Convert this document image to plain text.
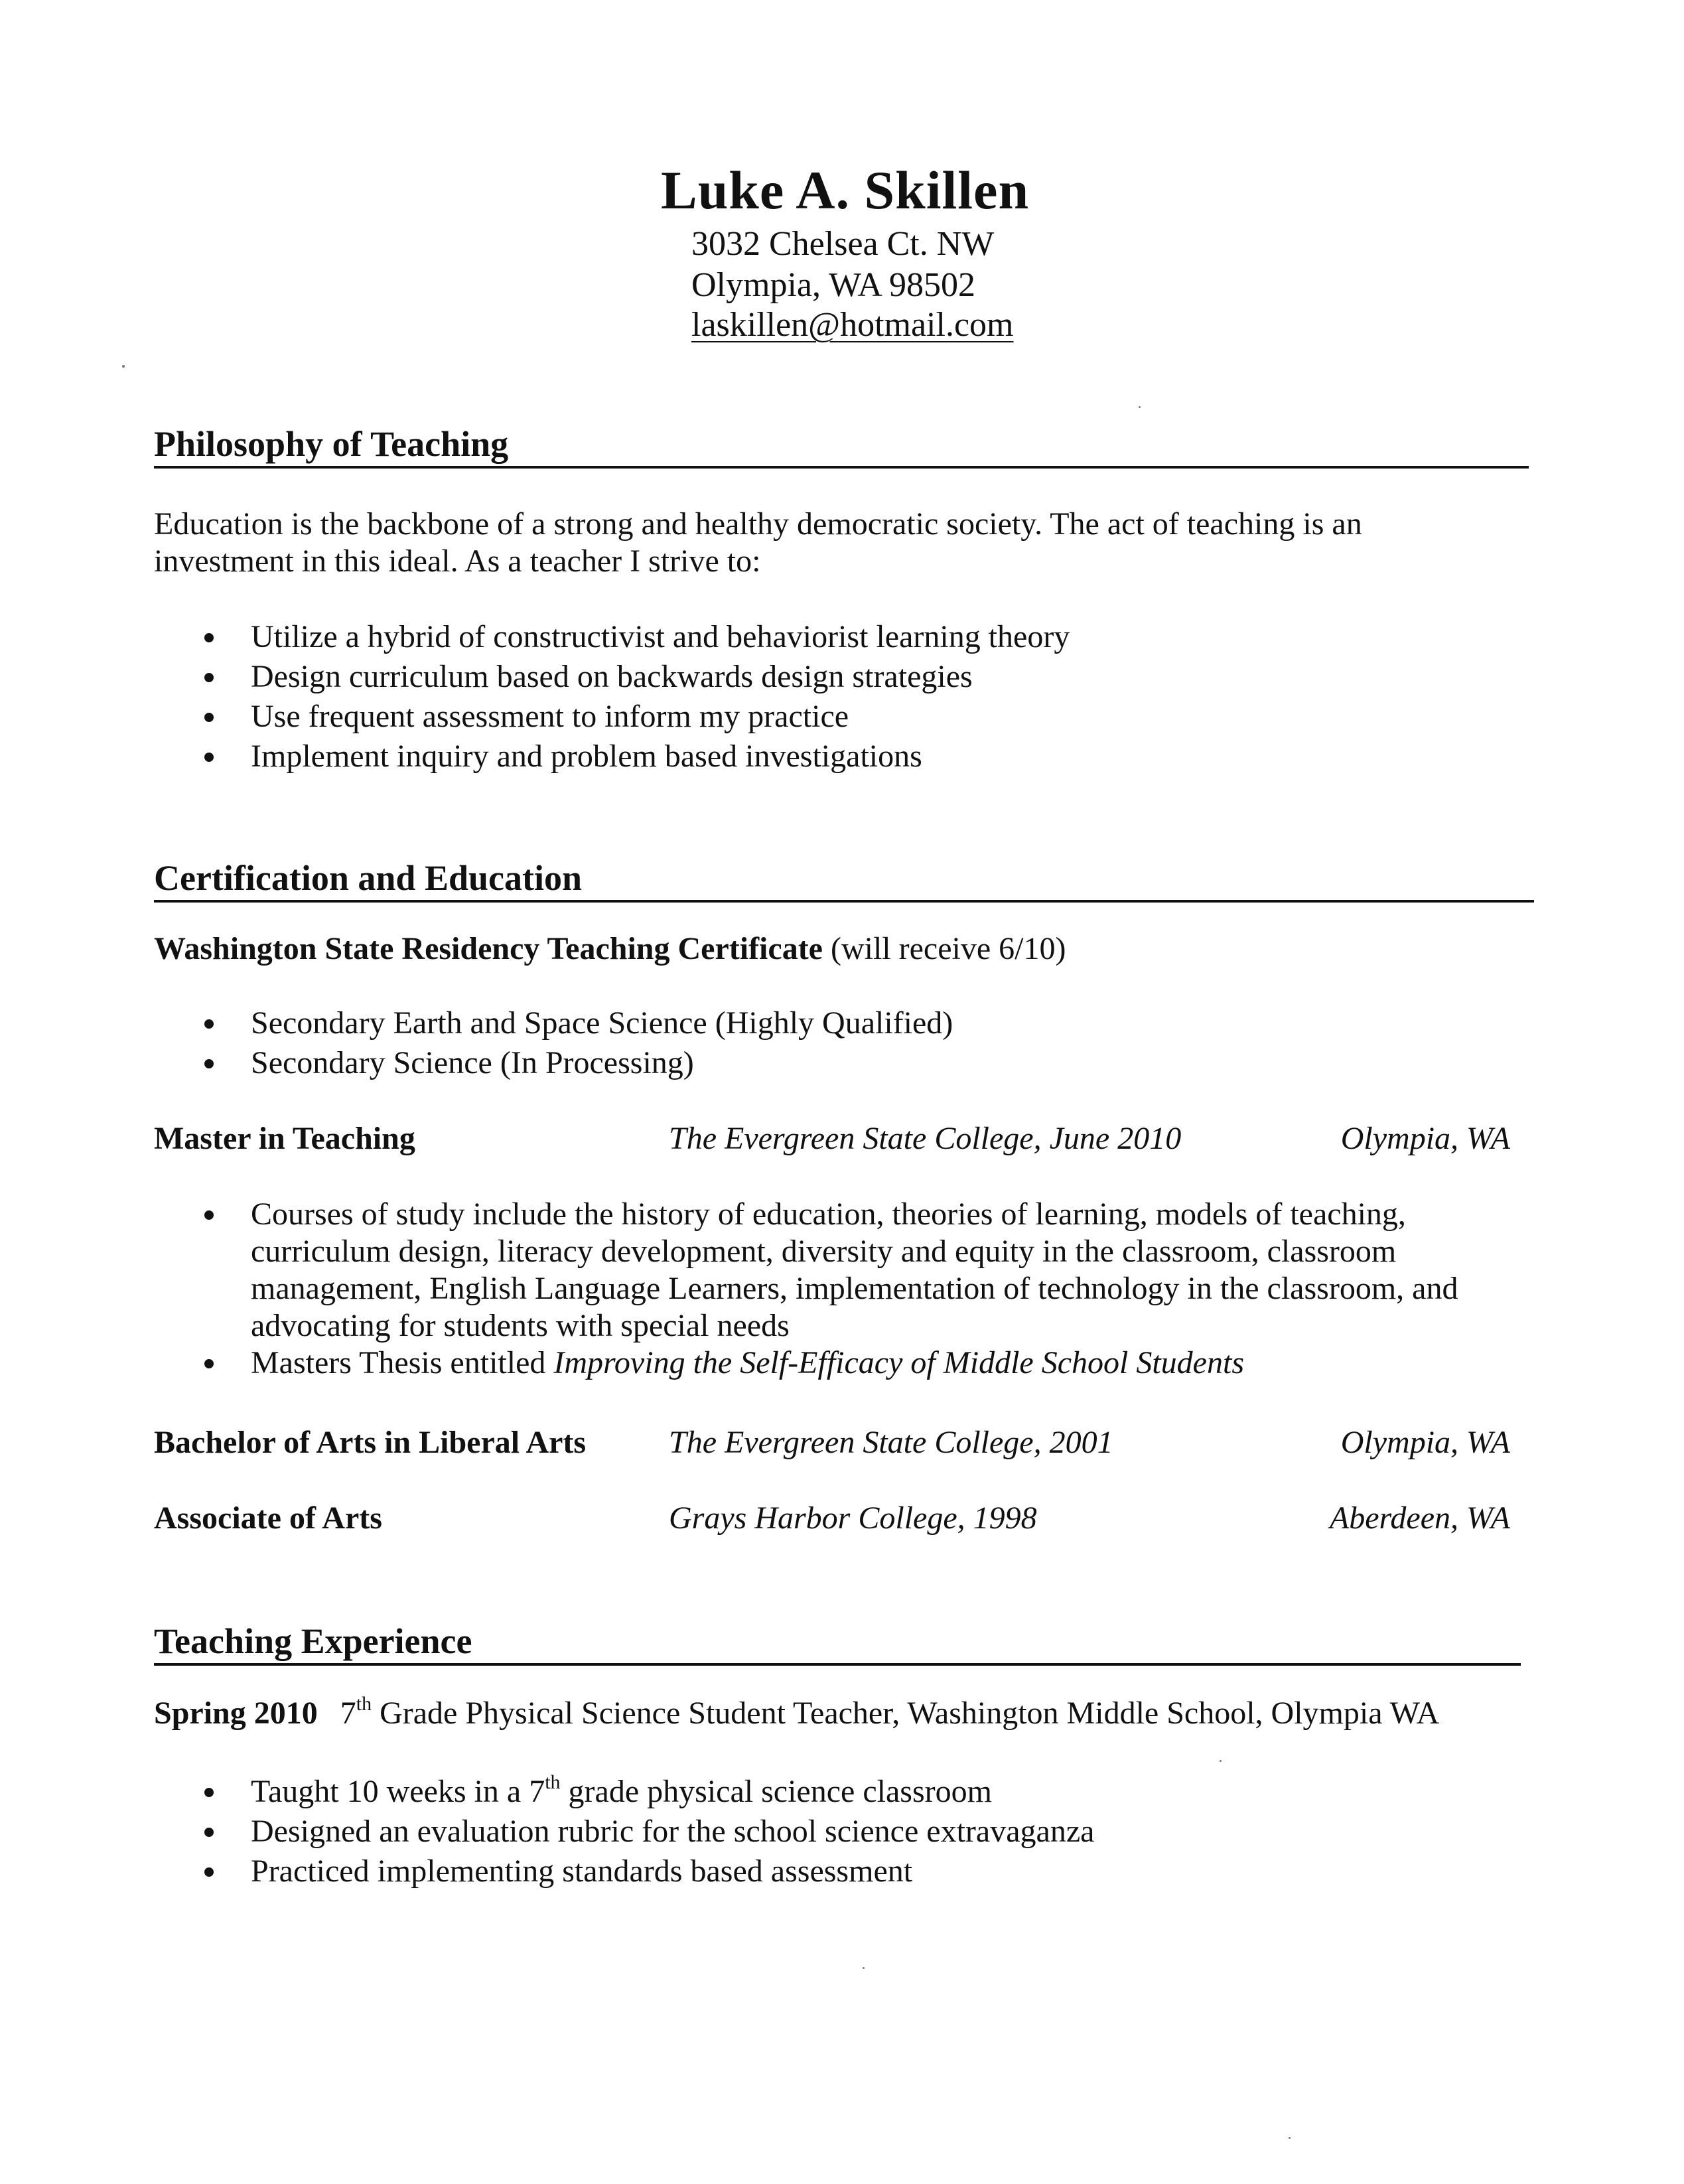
Luke A. Skillen
3032 Chelsea Ct. NW
Olympia, WA 98502
laskillen@hotmail.com
Philosophy of Teaching
Education is the backbone of a strong and healthy democratic society. The act of teaching is an
investment in this ideal. As a teacher I strive to:
Utilize a hybrid of constructivist and behaviorist learning theory
Design curriculum based on backwards design strategies
Use frequent assessment to inform my practice
Implement inquiry and problem based investigations
Certification and Education
Washington State Residency Teaching Certificate (will receive 6/10)
Secondary Earth and Space Science (Highly Qualified)
Secondary Science (In Processing)
Master in Teaching	The Evergreen State College, June 2010	Olympia, WA
Courses of study include the history of education, theories of learning, models of teaching,
curriculum design, literacy development, diversity and equity in the classroom, classroom
management, English Language Learners, implementation of technology in the classroom, and
advocating for students with special needs
Masters Thesis entitled Improving the Self-Efficacy of Middle School Students
Bachelor of Arts in Liberal Arts	The Evergreen State College, 2001	Olympia, WA
Associate of Arts	Grays Harbor College, 1998	Aberdeen, WA
Teaching Experience
Spring 2010 7th Grade Physical Science Student Teacher, Washington Middle School, Olympia WA
Taught 10 weeks in a 7th grade physical science classroom
Designed an evaluation rubric for the school science extravaganza
Practiced implementing standards based assessment
